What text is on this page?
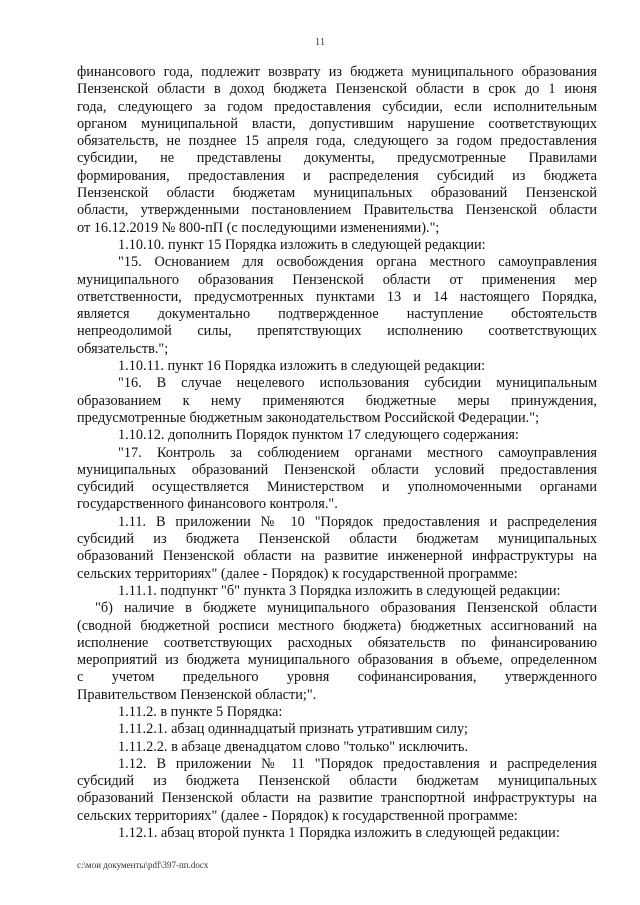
11
финансового года, подлежит возврату из бюджета муниципального образования
Пензенской области в доход бюджета Пензенской области в срок до 1 июня
года, следующего за годом предоставления субсидии, если исполнительным
органом муниципальной власти, допустившим нарушение соответствующих
обязательств, не позднее 15 апреля года, следующего за годом предоставления
субсидии, не представлены документы, предусмотренные Правилами
формирования, предоставления и распределения субсидий из бюджета
Пензенской области бюджетам муниципальных образований Пензенской
области, утвержденными постановлением Правительства Пензенской области
от 16.12.2019 № 800-пП (с последующими изменениями).";
1.10.10. пункт 15 Порядка изложить в следующей редакции:
"15. Основанием для освобождения органа местного самоуправления
муниципального образования Пензенской области от применения мер
ответственности, предусмотренных пунктами 13 и 14 настоящего Порядка,
является документально подтвержденное наступление обстоятельств
непреодолимой силы, препятствующих исполнению соответствующих
обязательств.";
1.10.11. пункт 16 Порядка изложить в следующей редакции:
"16. В случае нецелевого использования субсидии муниципальным
образованием к нему применяются бюджетные меры принуждения,
предусмотренные бюджетным законодательством Российской Федерации.";
1.10.12. дополнить Порядок пунктом 17 следующего содержания:
"17. Контроль за соблюдением органами местного самоуправления
муниципальных образований Пензенской области условий предоставления
субсидий осуществляется Министерством и уполномоченными органами
государственного финансового контроля.".
1.11. В приложении № 10 "Порядок предоставления и распределения
субсидий из бюджета Пензенской области бюджетам муниципальных
образований Пензенской области на развитие инженерной инфраструктуры на
сельских территориях" (далее - Порядок) к государственной программе:
1.11.1. подпункт "б" пункта 3 Порядка изложить в следующей редакции:
"б) наличие в бюджете муниципального образования Пензенской области
(сводной бюджетной росписи местного бюджета) бюджетных ассигнований на
исполнение соответствующих расходных обязательств по финансированию
мероприятий из бюджета муниципального образования в объеме, определенном
с учетом предельного уровня софинансирования, утвержденного
Правительством Пензенской области;".
1.11.2. в пункте 5 Порядка:
1.11.2.1. абзац одиннадцатый признать утратившим силу;
1.11.2.2. в абзаце двенадцатом слово "только" исключить.
1.12. В приложении № 11 "Порядок предоставления и распределения
субсидий из бюджета Пензенской области бюджетам муниципальных
образований Пензенской области на развитие транспортной инфраструктуры на
сельских территориях" (далее - Порядок) к государственной программе:
1.12.1. абзац второй пункта 1 Порядка изложить в следующей редакции:
c:\мои документы\pdf\397-пп.docx
